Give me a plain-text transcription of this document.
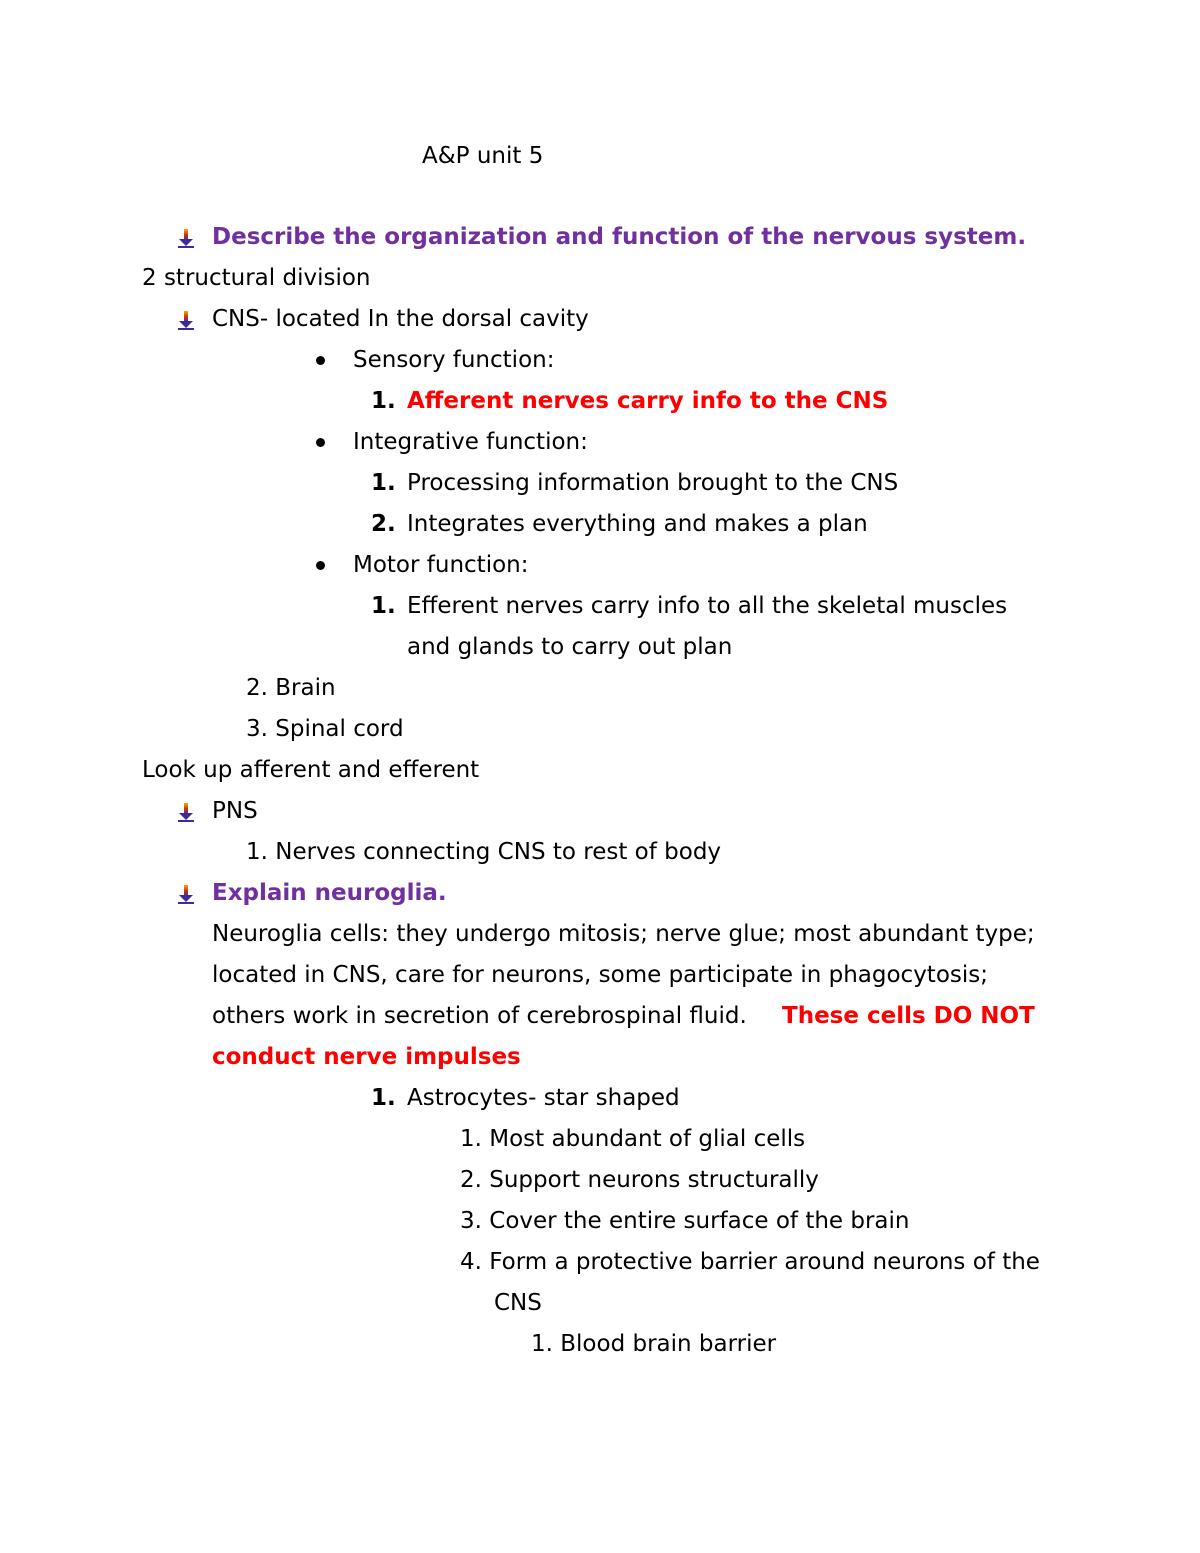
A&P unit 5
Describe the organization and function of the nervous system.
2 structural division
CNS- located In the dorsal cavity
Sensory function:
1. Afferent nerves carry info to the CNS
Integrative function:
1. Processing information brought to the CNS
2. Integrates everything and makes a plan
Motor function:
1. Efferent nerves carry info to all the skeletal muscles
and glands to carry out plan
2. Brain
3. Spinal cord
Look up afferent and efferent
PNS
1. Nerves connecting CNS to rest of body
Explain neuroglia.
Neuroglia cells: they undergo mitosis; nerve glue; most abundant type;
located in CNS, care for neurons, some participate in phagocytosis;
others work in secretion of cerebrospinal fluid. These cells DO NOT
conduct nerve impulses
1. Astrocytes- star shaped
1. Most abundant of glial cells
2. Support neurons structurally
3. Cover the entire surface of the brain
4. Form a protective barrier around neurons of the
CNS
1. Blood brain barrier
